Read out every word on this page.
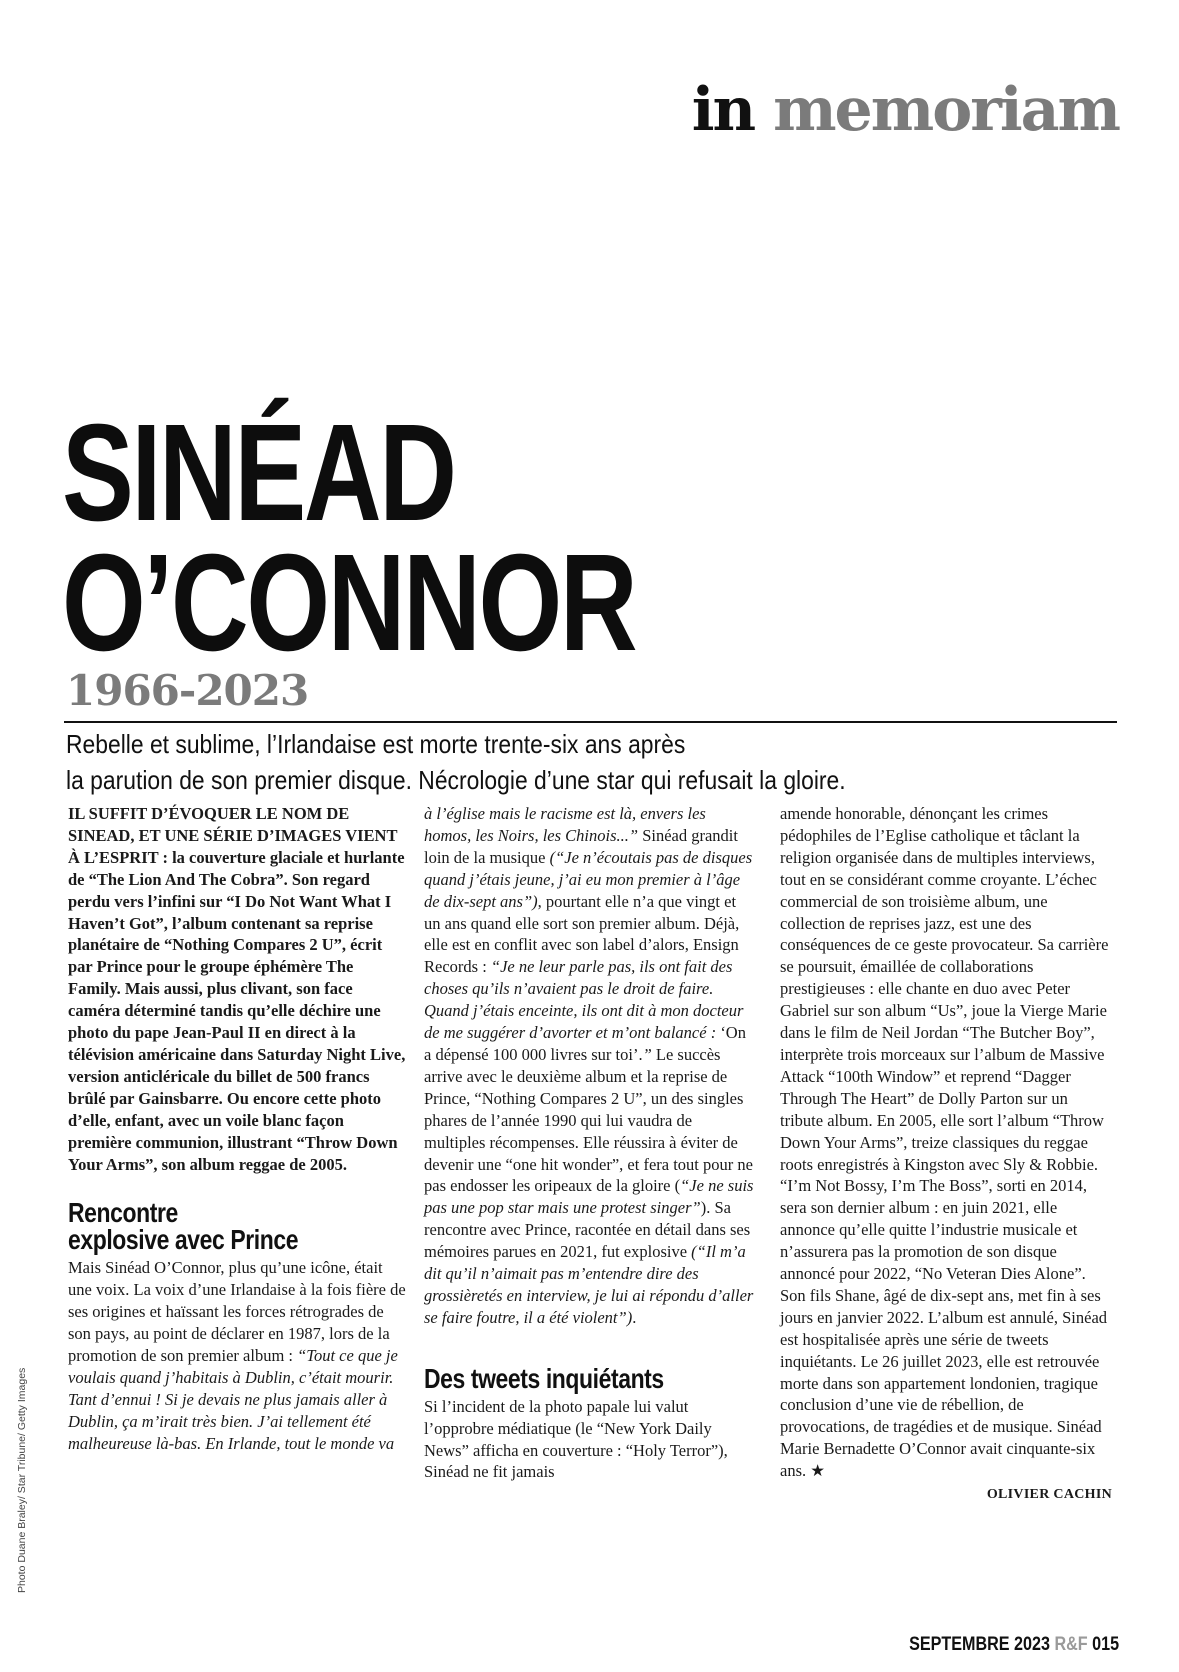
in memoriam
SINÉAD
O’CONNOR
1966-2023
Rebelle et sublime, l’Irlandaise est morte trente-six ans après
la parution de son premier disque. Nécrologie d’une star qui refusait la gloire.

IL SUFFIT D’ÉVOQUER LE NOM DE SINEAD, ET UNE SÉRIE D’IMAGES VIENT À L’ESPRIT : la couverture glaciale et hurlante de “The Lion And The Cobra”. Son regard perdu vers l’infini sur “I Do Not Want What I Haven’t Got”, l’album contenant sa reprise planétaire de “Nothing Compares 2 U”, écrit par Prince pour le groupe éphémère The Family. Mais aussi, plus clivant, son face caméra déterminé tandis qu’elle déchire une photo du pape Jean-Paul II en direct à la télévision américaine dans Saturday Night Live, version anticléricale du billet de 500 francs brûlé par Gainsbarre. Ou encore cette photo d’elle, enfant, avec un voile blanc façon première communion, illustrant “Throw Down Your Arms”, son album reggae de 2005.

Rencontre
explosive avec Prince

Mais Sinéad O’Connor, plus qu’une icône, était une voix. La voix d’une Irlandaise à la fois fière de ses origines et haïssant les forces rétrogrades de son pays, au point de déclarer en 1987, lors de la promotion de son premier album : “Tout ce que je voulais quand j’habitais à Dublin, c’était mourir. Tant d’ennui ! Si je devais ne plus jamais aller à Dublin, ça m’irait très bien. J’ai tellement été malheureuse là-bas. En Irlande, tout le monde va

à l’église mais le racisme est là, envers les homos, les Noirs, les Chinois...” Sinéad grandit loin de la musique (“Je n’écoutais pas de disques quand j’étais jeune, j’ai eu mon premier à l’âge de dix-sept ans”), pourtant elle n’a que vingt et un ans quand elle sort son premier album. Déjà, elle est en conflit avec son label d’alors, Ensign Records : “Je ne leur parle pas, ils ont fait des choses qu’ils n’avaient pas le droit de faire. Quand j’étais enceinte, ils ont dit à mon docteur de me suggérer d’avorter et m’ont balancé : ‘On a dépensé 100 000 livres sur toi’.” Le succès arrive avec le deuxième album et la reprise de Prince, “Nothing Compares 2 U”, un des singles phares de l’année 1990 qui lui vaudra de multiples récompenses. Elle réussira à éviter de devenir une “one hit wonder”, et fera tout pour ne pas endosser les oripeaux de la gloire (“Je ne suis pas une pop star mais une protest singer”). Sa rencontre avec Prince, racontée en détail dans ses mémoires parues en 2021, fut explosive (“Il m’a dit qu’il n’aimait pas m’entendre dire des grossièretés en interview, je lui ai répondu d’aller se faire foutre, il a été violent”).

Des tweets inquiétants

Si l’incident de la photo papale lui valut l’opprobre médiatique (le “New York Daily News” afficha en couverture : “Holy Terror”), Sinéad ne fit jamais

amende honorable, dénonçant les crimes pédophiles de l’Eglise catholique et tâclant la religion organisée dans de multiples interviews, tout en se considérant comme croyante. L’échec commercial de son troisième album, une collection de reprises jazz, est une des conséquences de ce geste provocateur. Sa carrière se poursuit, émaillée de collaborations prestigieuses : elle chante en duo avec Peter Gabriel sur son album “Us”, joue la Vierge Marie dans le film de Neil Jordan “The Butcher Boy”, interprète trois morceaux sur l’album de Massive Attack “100th Window” et reprend “Dagger Through The Heart” de Dolly Parton sur un tribute album. En 2005, elle sort l’album “Throw Down Your Arms”, treize classiques du reggae roots enregistrés à Kingston avec Sly & Robbie. “I’m Not Bossy, I’m The Boss”, sorti en 2014, sera son dernier album : en juin 2021, elle annonce qu’elle quitte l’industrie musicale et n’assurera pas la promotion de son disque annoncé pour 2022, “No Veteran Dies Alone”. Son fils Shane, âgé de dix-sept ans, met fin à ses jours en janvier 2022. L’album est annulé, Sinéad est hospitalisée après une série de tweets inquiétants. Le 26 juillet 2023, elle est retrouvée morte dans son appartement londonien, tragique conclusion d’une vie de rébellion, de provocations, de tragédies et de musique. Sinéad Marie Bernadette O’Connor avait cinquante-six ans. ★

OLIVIER CACHIN
Photo Duane Braley/ Star Tribune/ Getty Images
SEPTEMBRE 2023 R&F 015
